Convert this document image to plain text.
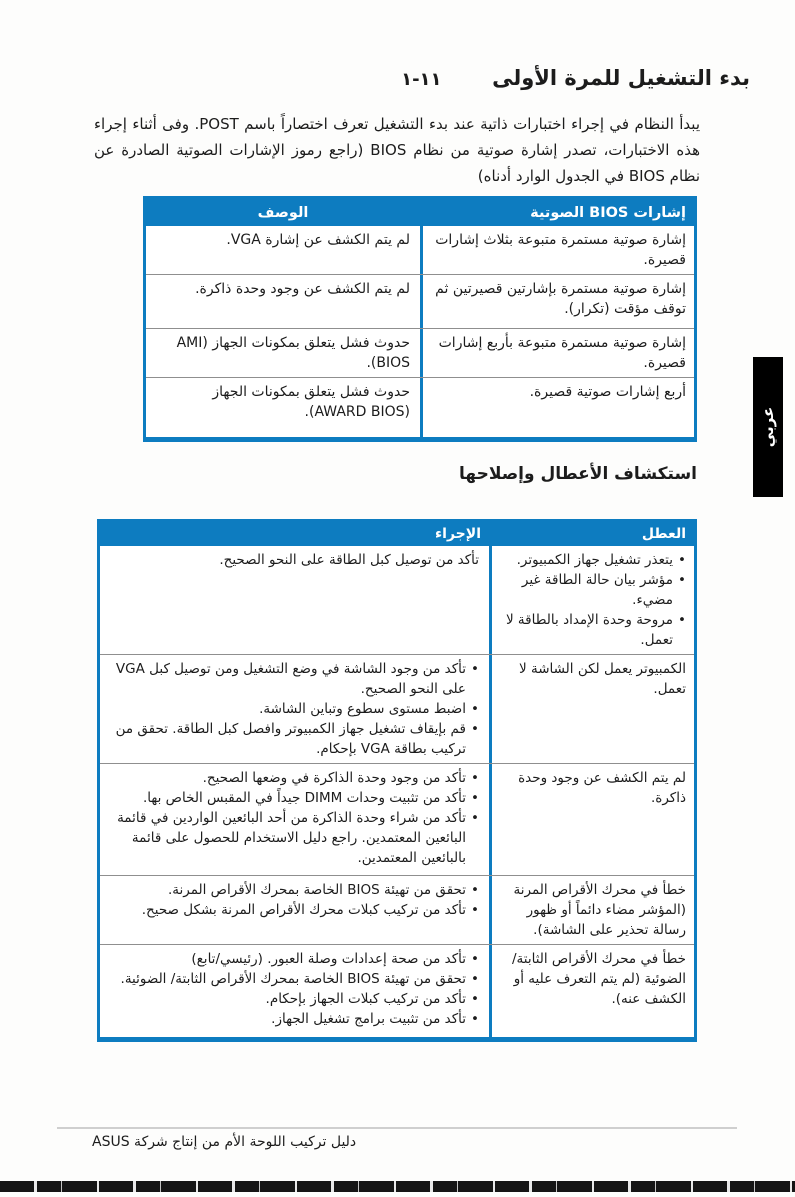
بدء التشغيل للمرة الأولى ١-١١

يبدأ النظام في إجراء اختبارات ذاتية عند بدء التشغيل تعرف اختصاراً باسم POST. وفى أثناء إجراء هذه الاختبارات، تصدر إشارة صوتية من نظام BIOS (راجع رموز الإشارات الصوتية الصادرة عن نظام BIOS في الجدول الوارد أدناه)

إشارات BIOS الصوتية
الوصف
إشارة صوتية مستمرة متبوعة بثلاث إشارات قصيرة.
لم يتم الكشف عن إشارة VGA.
إشارة صوتية مستمرة بإشارتين قصيرتين ثم توقف مؤقت (تكرار).
لم يتم الكشف عن وجود وحدة ذاكرة.
إشارة صوتية مستمرة متبوعة بأربع إشارات قصيرة.
حدوث فشل يتعلق بمكونات الجهاز (AMI BIOS).
أربع إشارات صوتية قصيرة.
حدوث فشل يتعلق بمكونات الجهاز (AWARD BIOS).
استكشاف الأعطال وإصلاحها
العطل
الإجراء
•
يتعذر تشغيل جهاز الكمبيوتر.
•
مؤشر بيان حالة الطاقة غير مضيء.
•
مروحة وحدة الإمداد بالطاقة لا تعمل.
تأكد من توصيل كبل الطاقة على النحو الصحيح.
الكمبيوتر يعمل لكن الشاشة لا تعمل.
•
تأكد من وجود الشاشة في وضع التشغيل ومن توصيل كبل VGA على النحو الصحيح.
•
اضبط مستوى سطوع وتباين الشاشة.
•
قم بإيقاف تشغيل جهاز الكمبيوتر وافصل كبل الطاقة. تحقق من تركيب بطاقة VGA بإحكام.
لم يتم الكشف عن وجود وحدة ذاكرة.
•
تأكد من وجود وحدة الذاكرة في وضعها الصحيح.
•
تأكد من تثبيت وحدات DIMM جيداً في المقبس الخاص بها.
•
تأكد من شراء وحدة الذاكرة من أحد البائعين الواردين في قائمة البائعين المعتمدين. راجع دليل الاستخدام للحصول على قائمة بالبائعين المعتمدين.
خطأ في محرك الأقراص المرنة (المؤشر مضاء دائماً أو ظهور رسالة تحذير على الشاشة).
•
تحقق من تهيئة BIOS الخاصة بمحرك الأقراص المرنة.
•
تأكد من تركيب كبلات محرك الأقراص المرنة بشكل صحيح.
خطأ في محرك الأقراص الثابتة/ الضوئية (لم يتم التعرف عليه أو الكشف عنه).
•
تأكد من صحة إعدادات وصلة العبور. (رئيسي/تابع)
•
تحقق من تهيئة BIOS الخاصة بمحرك الأقراص الثابتة/ الضوئية.
•
تأكد من تركيب كبلات الجهاز بإحكام.
•
تأكد من تثبيت برامج تشغيل الجهاز.
عربي
دليل تركيب اللوحة الأم من إنتاج شركة ASUS
